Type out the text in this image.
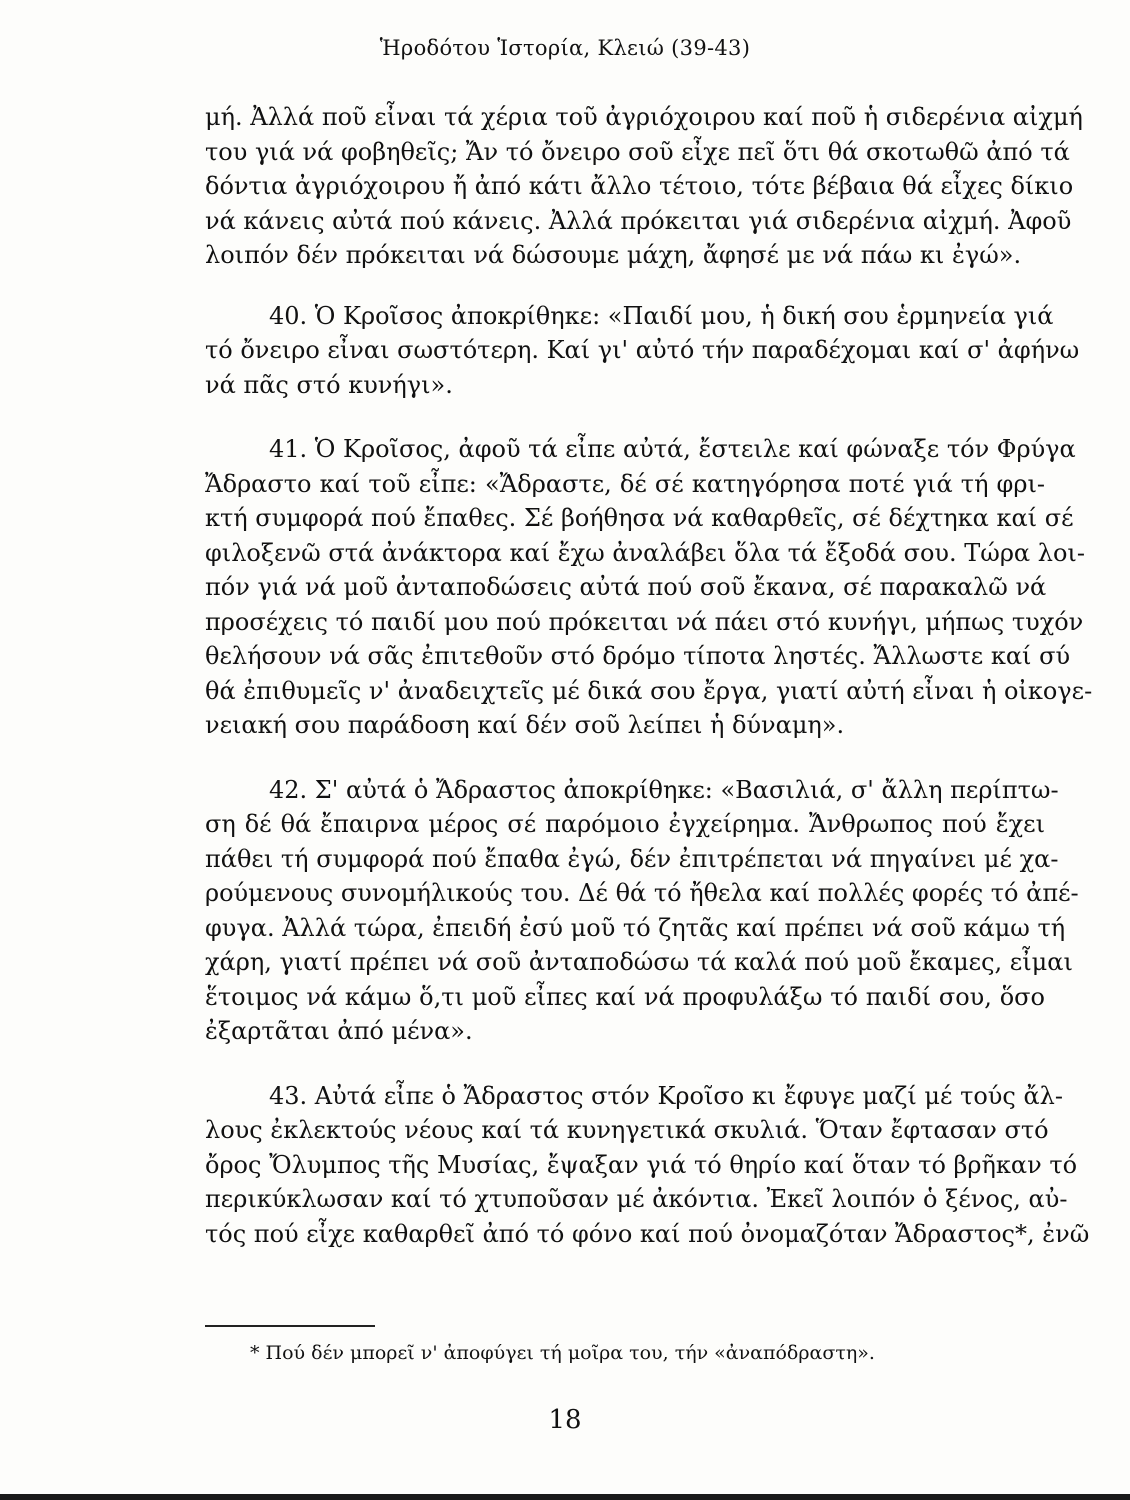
Ἡροδότου Ἱστορία, Κλειώ (39-43)
μή. Ἀλλά ποῦ εἶναι τά χέρια τοῦ ἀγριόχοιρου καί ποῦ ἡ σιδερένια αἰχμή
του γιά νά φοβηθεῖς; Ἄν τό ὄνειρο σοῦ εἶχε πεῖ ὅτι θά σκοτωθῶ ἀπό τά
δόντια ἀγριόχοιρου ἤ ἀπό κάτι ἄλλο τέτοιο, τότε βέβαια θά εἶχες δίκιο
νά κάνεις αὐτά πού κάνεις. Ἀλλά πρόκειται γιά σιδερένια αἰχμή. Ἀφοῦ
λοιπόν δέν πρόκειται νά δώσουμε μάχη, ἄφησέ με νά πάω κι ἐγώ».
40. Ὁ Κροῖσος ἀποκρίθηκε: «Παιδί μου, ἡ δική σου ἑρμηνεία γιά
τό ὄνειρο εἶναι σωστότερη. Καί γι' αὐτό τήν παραδέχομαι καί σ' ἀφήνω
νά πᾶς στό κυνήγι».
41. Ὁ Κροῖσος, ἀφοῦ τά εἶπε αὐτά, ἔστειλε καί φώναξε τόν Φρύγα
Ἄδραστο καί τοῦ εἶπε: «Ἄδραστε, δέ σέ κατηγόρησα ποτέ γιά τή φρι-
κτή συμφορά πού ἔπαθες. Σέ βοήθησα νά καθαρθεῖς, σέ δέχτηκα καί σέ
φιλοξενῶ στά ἀνάκτορα καί ἔχω ἀναλάβει ὅλα τά ἔξοδά σου. Τώρα λοι-
πόν γιά νά μοῦ ἀνταποδώσεις αὐτά πού σοῦ ἔκανα, σέ παρακαλῶ νά
προσέχεις τό παιδί μου πού πρόκειται νά πάει στό κυνήγι, μήπως τυχόν
θελήσουν νά σᾶς ἐπιτεθοῦν στό δρόμο τίποτα ληστές. Ἄλλωστε καί σύ
θά ἐπιθυμεῖς ν' ἀναδειχτεῖς μέ δικά σου ἔργα, γιατί αὐτή εἶναι ἡ οἰκογε-
νειακή σου παράδοση καί δέν σοῦ λείπει ἡ δύναμη».
42. Σ' αὐτά ὁ Ἄδραστος ἀποκρίθηκε: «Βασιλιά, σ' ἄλλη περίπτω-
ση δέ θά ἔπαιρνα μέρος σέ παρόμοιο ἐγχείρημα. Ἄνθρωπος πού ἔχει
πάθει τή συμφορά πού ἔπαθα ἐγώ, δέν ἐπιτρέπεται νά πηγαίνει μέ χα-
ρούμενους συνομήλικούς του. Δέ θά τό ἤθελα καί πολλές φορές τό ἀπέ-
φυγα. Ἀλλά τώρα, ἐπειδή ἐσύ μοῦ τό ζητᾶς καί πρέπει νά σοῦ κάμω τή
χάρη, γιατί πρέπει νά σοῦ ἀνταποδώσω τά καλά πού μοῦ ἔκαμες, εἶμαι
ἕτοιμος νά κάμω ὅ,τι μοῦ εἶπες καί νά προφυλάξω τό παιδί σου, ὅσο
ἐξαρτᾶται ἀπό μένα».
43. Αὐτά εἶπε ὁ Ἄδραστος στόν Κροῖσο κι ἔφυγε μαζί μέ τούς ἄλ-
λους ἐκλεκτούς νέους καί τά κυνηγετικά σκυλιά. Ὅταν ἔφτασαν στό
ὄρος Ὄλυμπος τῆς Μυσίας, ἔψαξαν γιά τό θηρίο καί ὅταν τό βρῆκαν τό
περικύκλωσαν καί τό χτυποῦσαν μέ ἀκόντια. Ἐκεῖ λοιπόν ὁ ξένος, αὐ-
τός πού εἶχε καθαρθεῖ ἀπό τό φόνο καί πού ὀνομαζόταν Ἄδραστος*, ἐνῶ
* Πού δέν μπορεῖ ν' ἀποφύγει τή μοῖρα του, τήν «ἀναπόδραστη».
18
